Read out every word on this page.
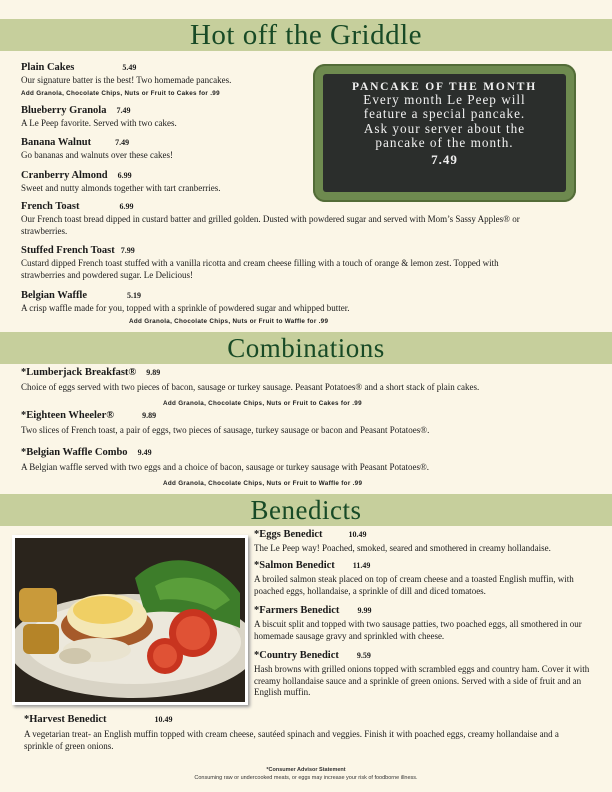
Hot off the Griddle
Plain Cakes	5.49
Our signature batter is the best! Two homemade pancakes.
Add Granola, Chocolate Chips, Nuts or Fruit to Cakes for .99
Blueberry Granola 7.49
A Le Peep favorite. Served with two cakes.
Banana Walnut	7.49
Go bananas and walnuts over these cakes!
Cranberry Almond 6.99
Sweet and nutty almonds together with tart cranberries.
French Toast	6.99
Our French toast bread dipped in custard batter and grilled golden. Dusted with powdered sugar and served with Mom’s Sassy Apples® or strawberries.
Stuffed French Toast 7.99
Custard dipped French toast stuffed with a vanilla ricotta and cream cheese filling with a touch of orange & lemon zest. Topped with strawberries and powdered sugar. Le Delicious!
Belgian Waffle	5.19
A crisp waffle made for you, topped with a sprinkle of powdered sugar and whipped butter.
Add Granola, Chocolate Chips, Nuts or Fruit to Waffle for .99
PANCAKE OF THE MONTH
Every month Le Peep will
feature a special pancake.
Ask your server about the
pancake of the month.
7.49
Combinations
*Lumberjack Breakfast® 9.89
Choice of eggs served with two pieces of bacon, sausage or turkey sausage. Peasant Potatoes® and a short stack of plain cakes.
Add Granola, Chocolate Chips, Nuts or Fruit to Cakes for .99
*Eighteen Wheeler®	9.89
Two slices of French toast, a pair of eggs, two pieces of sausage, turkey sausage or bacon and Peasant Potatoes®.
*Belgian Waffle Combo 9.49
A Belgian waffle served with two eggs and a choice of bacon, sausage or turkey sausage with Peasant Potatoes®.
Add Granola, Chocolate Chips, Nuts or Fruit to Waffle for .99
Benedicts
*Eggs Benedict	10.49
The Le Peep way! Poached, smoked, seared and smothered in creamy hollandaise.
*Salmon Benedict 11.49
A broiled salmon steak placed on top of cream cheese and a toasted English muffin, with poached eggs, hollandaise, a sprinkle of dill and diced tomatoes.
*Farmers Benedict 9.99
A biscuit split and topped with two sausage patties, two poached eggs, all smothered in our homemade sausage gravy and sprinkled with cheese.
*Country Benedict 9.59
Hash browns with grilled onions topped with scrambled eggs and country ham. Cover it with creamy hollandaise sauce and a sprinkle of green onions. Served with a side of fruit and an English muffin.
*Harvest Benedict	10.49
A vegetarian treat- an English muffin topped with cream cheese, sautéed spinach and veggies. Finish it with poached eggs, creamy hollandaise and a sprinkle of green onions.
*Consumer Advisor Statement
Consuming raw or undercooked meats, or eggs may increase your risk of foodborne illness.
